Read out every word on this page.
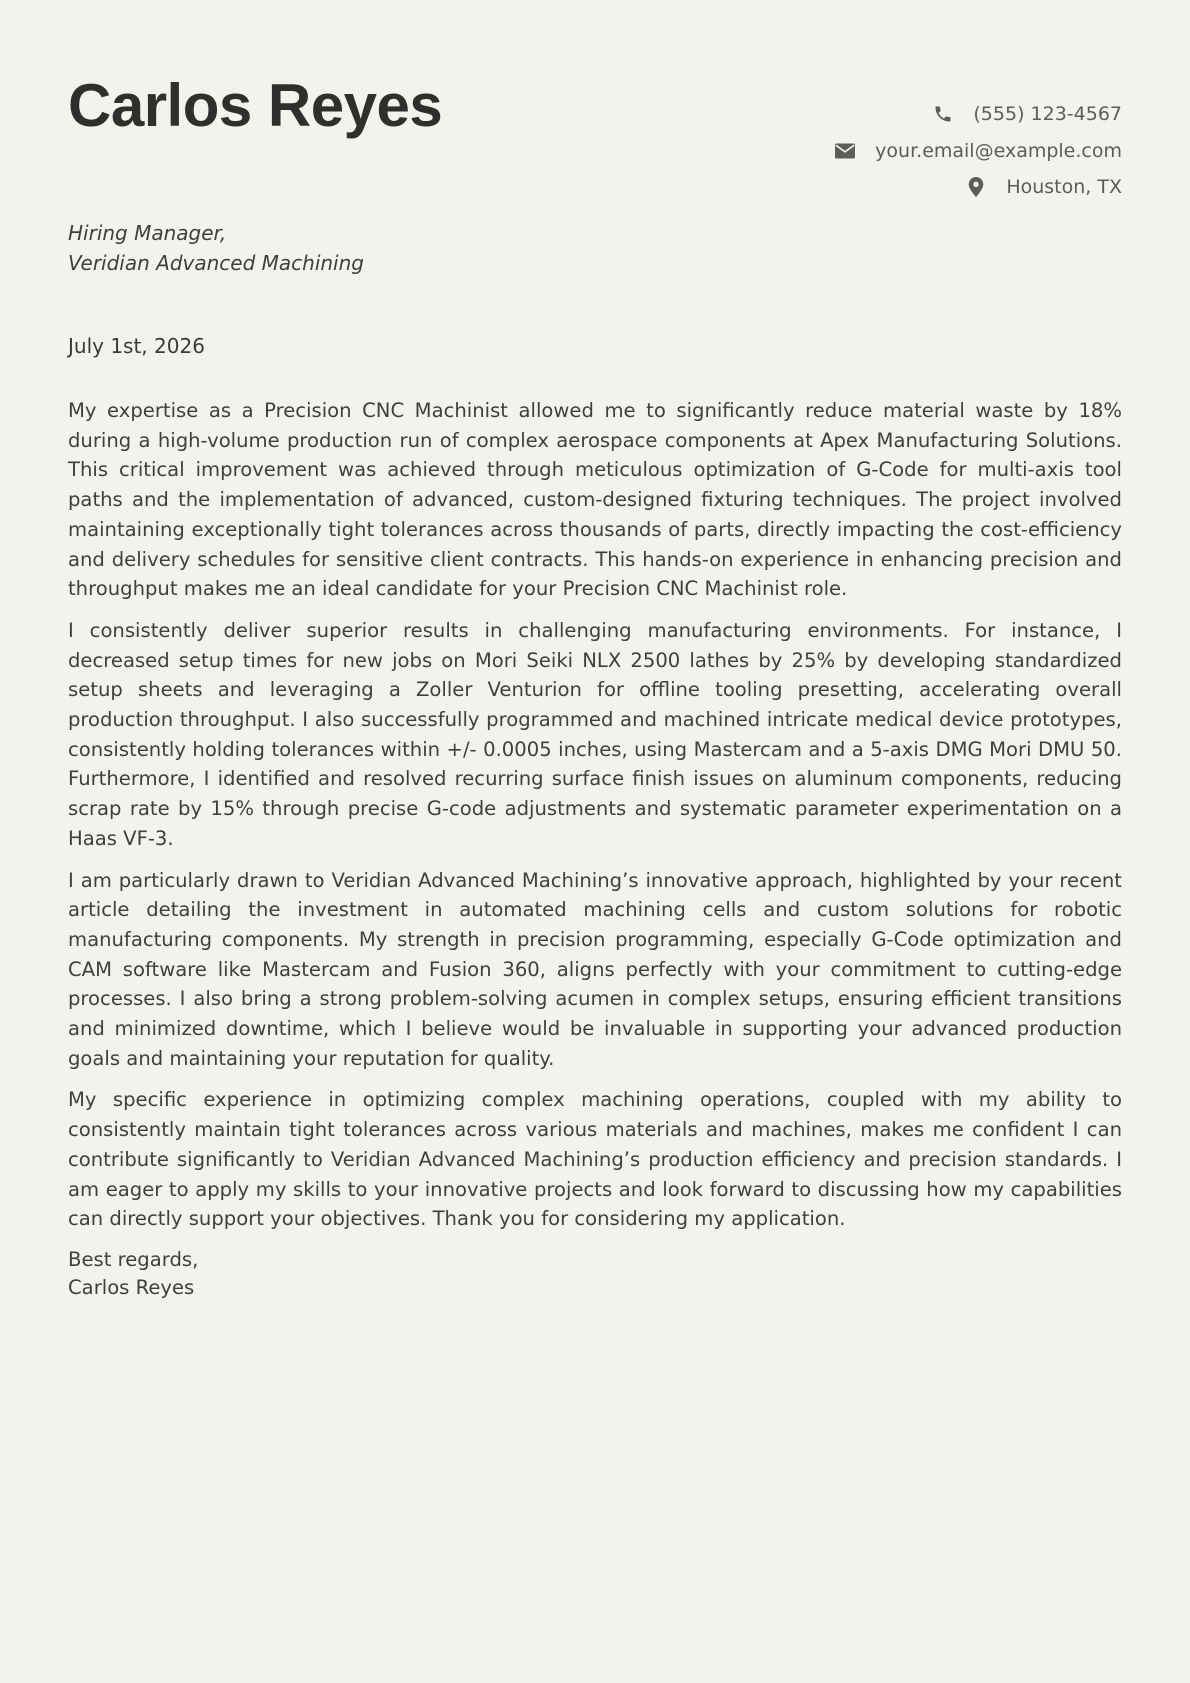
Carlos Reyes	(555) 123-4567
your.email@example.com
Houston, TX
Hiring Manager,
Veridian Advanced Machining
July 1st, 2026

My expertise as a Precision CNC Machinist allowed me to significantly reduce material waste by 18% during a high-volume production run of complex aerospace components at Apex Manufacturing Solutions. This critical improvement was achieved through meticulous optimization of G-Code for multi-axis tool paths and the implementation of advanced, custom-designed fixturing techniques. The project involved maintaining exceptionally tight tolerances across thousands of parts, directly impacting the cost-efficiency and delivery schedules for sensitive client contracts. This hands-on experience in enhancing precision and throughput makes me an ideal candidate for your Precision CNC Machinist role.

I consistently deliver superior results in challenging manufacturing environments. For instance, I decreased setup times for new jobs on Mori Seiki NLX 2500 lathes by 25% by developing standardized setup sheets and leveraging a Zoller Venturion for offline tooling presetting, accelerating overall production throughput. I also successfully programmed and machined intricate medical device prototypes, consistently holding tolerances within +/- 0.0005 inches, using Mastercam and a 5-axis DMG Mori DMU 50. Furthermore, I identified and resolved recurring surface finish issues on aluminum components, reducing scrap rate by 15% through precise G-code adjustments and systematic parameter experimentation on a Haas VF-3.

I am particularly drawn to Veridian Advanced Machining’s innovative approach, highlighted by your recent article detailing the investment in automated machining cells and custom solutions for robotic manufacturing components. My strength in precision programming, especially G-Code optimization and CAM software like Mastercam and Fusion 360, aligns perfectly with your commitment to cutting-edge processes. I also bring a strong problem-solving acumen in complex setups, ensuring efficient transitions and minimized downtime, which I believe would be invaluable in supporting your advanced production goals and maintaining your reputation for quality.

My specific experience in optimizing complex machining operations, coupled with my ability to consistently maintain tight tolerances across various materials and machines, makes me confident I can contribute significantly to Veridian Advanced Machining’s production efficiency and precision standards. I am eager to apply my skills to your innovative projects and look forward to discussing how my capabilities can directly support your objectives. Thank you for considering my application.

Best regards,
Carlos Reyes
